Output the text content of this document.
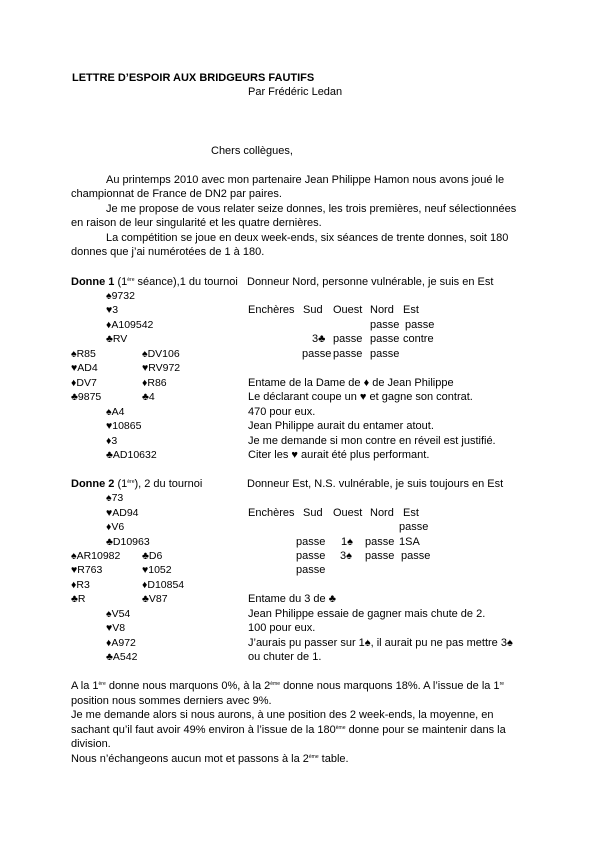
LETTRE D’ESPOIR AUX BRIDGEURS FAUTIFS
Par Frédéric Ledan
Chers collègues,
Au printemps 2010 avec mon partenaire Jean Philippe Hamon nous avons joué le
championnat de France de DN2 par paires.
Je me propose de vous relater seize donnes, les trois premières, neuf sélectionnées
en raison de leur singularité et les quatre dernières.
La compétition se joue en deux week-ends, six séances de trente donnes, soit 180
donnes que j’ai numérotées de 1 à 180.
Donne 1 (1ère séance),1 du tournoi Donneur Nord, personne vulnérable, je suis en Est
♠9732
♥3
♦A109542
♣RV
♠R85
♥AD4
♦DV7
♣9875
♠DV106
♥RV972
♦R86
♣4
♠A4
♥10865
♦3
♣AD10632
Enchères Sud Ouest Nord Est
passe passe
3♣ passe passe contre
passe passe passe
Entame de la Dame de ♦ de Jean Philippe
Le déclarant coupe un ♥ et gagne son contrat.
470 pour eux.
Jean Philippe aurait du entamer atout.
Je me demande si mon contre en réveil est justifié.
Citer les ♥ aurait été plus performant.
Donne 2 (1ère), 2 du tournoi	Donneur Est, N.S. vulnérable, je suis toujours en Est
♠73
♥AD94
♦V6
♣D10963
♠AR10982
♥R763
♦R3
♣R
♣D6
♥1052
♦D10854
♣V87
♠V54
♥V8
♦A972
♣A542
Enchères Sud Ouest Nord Est
passe
passe 1♠ passe 1SA
passe 3♠ passe passe
passe
Entame du 3 de ♣
Jean Philippe essaie de gagner mais chute de 2.
100 pour eux.
J’aurais pu passer sur 1♠, il aurait pu ne pas mettre 3♠
ou chuter de 1.
A la 1ère donne nous marquons 0%, à la 2ème donne nous marquons 18%. A l’issue de la 1re
position nous sommes derniers avec 9%.
Je me demande alors si nous aurons, à une position des 2 week-ends, la moyenne, en
sachant qu’il faut avoir 49% environ à l’issue de la 180ème donne pour se maintenir dans la
division.
Nous n’échangeons aucun mot et passons à la 2ème table.
